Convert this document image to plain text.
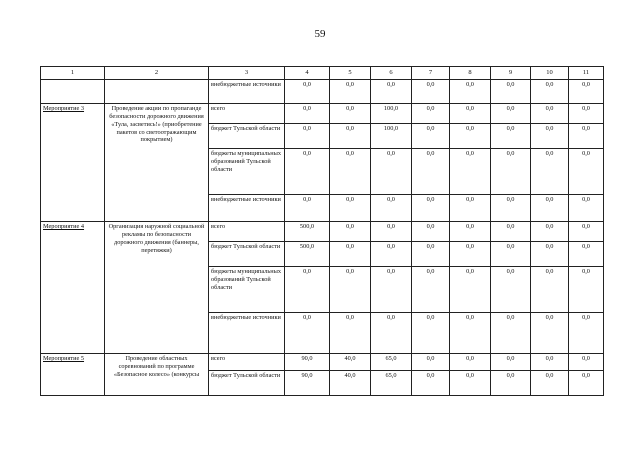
59
1	2	3	4	5	6	7	8	9	10	11
		внебюджетные источники	0,0	0,0	0,0	0,0	0,0	0,0	0,0	0,0
Мероприятие 3	Проведение акции по пропаганде безопасности дорожного движения «Тула, засветись!» (приобретение пакетов со светоотражающим покрытием)	всего	0,0	0,0	100,0	0,0	0,0	0,0	0,0	0,0
		бюджет Тульской области	0,0	0,0	100,0	0,0	0,0	0,0	0,0	0,0
		бюджеты муниципальных образований Тульской области	0,0	0,0	0,0	0,0	0,0	0,0	0,0	0,0
		внебюджетные источники	0,0	0,0	0,0	0,0	0,0	0,0	0,0	0,0
Мероприятие 4	Организация наружной социальной рекламы по безопасности дорожного движения (баннеры, перетяжки)	всего	500,0	0,0	0,0	0,0	0,0	0,0	0,0	0,0
		бюджет Тульской области	500,0	0,0	0,0	0,0	0,0	0,0	0,0	0,0
		бюджеты муниципальных образований Тульской области	0,0	0,0	0,0	0,0	0,0	0,0	0,0	0,0
		внебюджетные источники	0,0	0,0	0,0	0,0	0,0	0,0	0,0	0,0
Мероприятие 5	Проведение областных соревнований по программе «Безопасное колесо» (конкурсы	всего	90,0	40,0	65,0	0,0	0,0	0,0	0,0	0,0
		бюджет Тульской области	90,0	40,0	65,0	0,0	0,0	0,0	0,0	0,0
